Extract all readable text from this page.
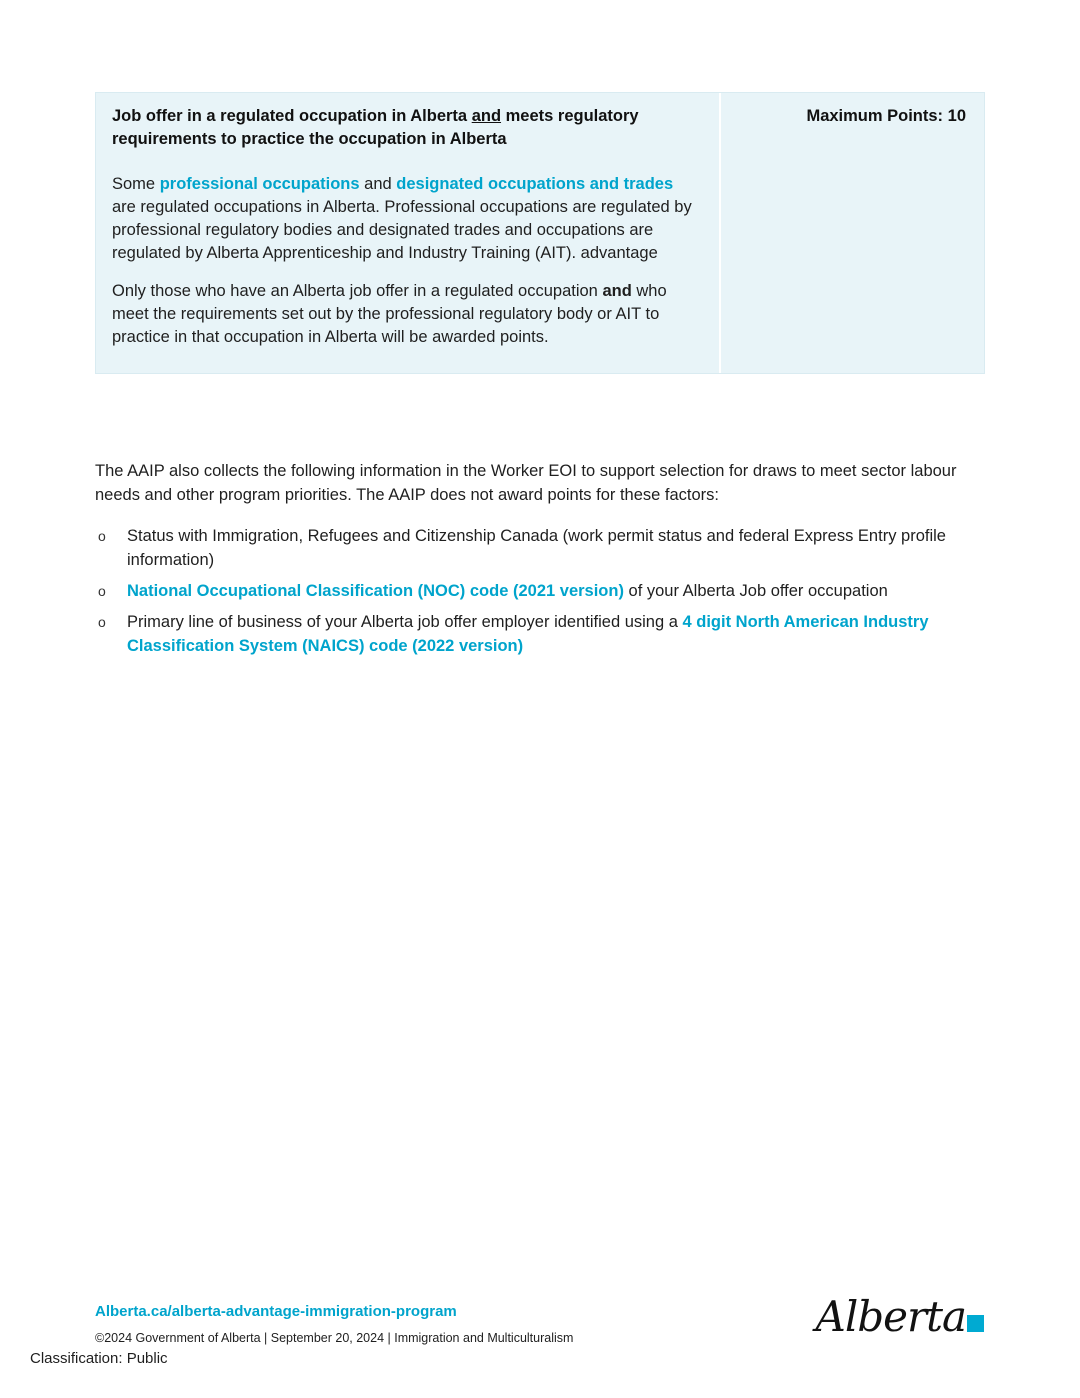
Job offer in a regulated occupation in Alberta and meets regulatory requirements to practice the occupation in Alberta

Some professional occupations and designated occupations and trades are regulated occupations in Alberta. Professional occupations are regulated by professional regulatory bodies and designated trades and occupations are regulated by Alberta Apprenticeship and Industry Training (AIT). advantage

Only those who have an Alberta job offer in a regulated occupation and who meet the requirements set out by the professional regulatory body or AIT to practice in that occupation in Alberta will be awarded points.

Maximum Points: 10

The AAIP also collects the following information in the Worker EOI to support selection for draws to meet sector labour needs and other program priorities. The AAIP does not award points for these factors:

o	Status with Immigration, Refugees and Citizenship Canada (work permit status and federal Express Entry profile information)

o	National Occupational Classification (NOC) code (2021 version) of your Alberta Job offer occupation

o	Primary line of business of your Alberta job offer employer identified using a 4 digit North American Industry Classification System (NAICS) code (2022 version)

Alberta.ca/alberta-advantage-immigration-program

©2024 Government of Alberta | September 20, 2024 | Immigration and Multiculturalism

Classification: Public

Alberta
